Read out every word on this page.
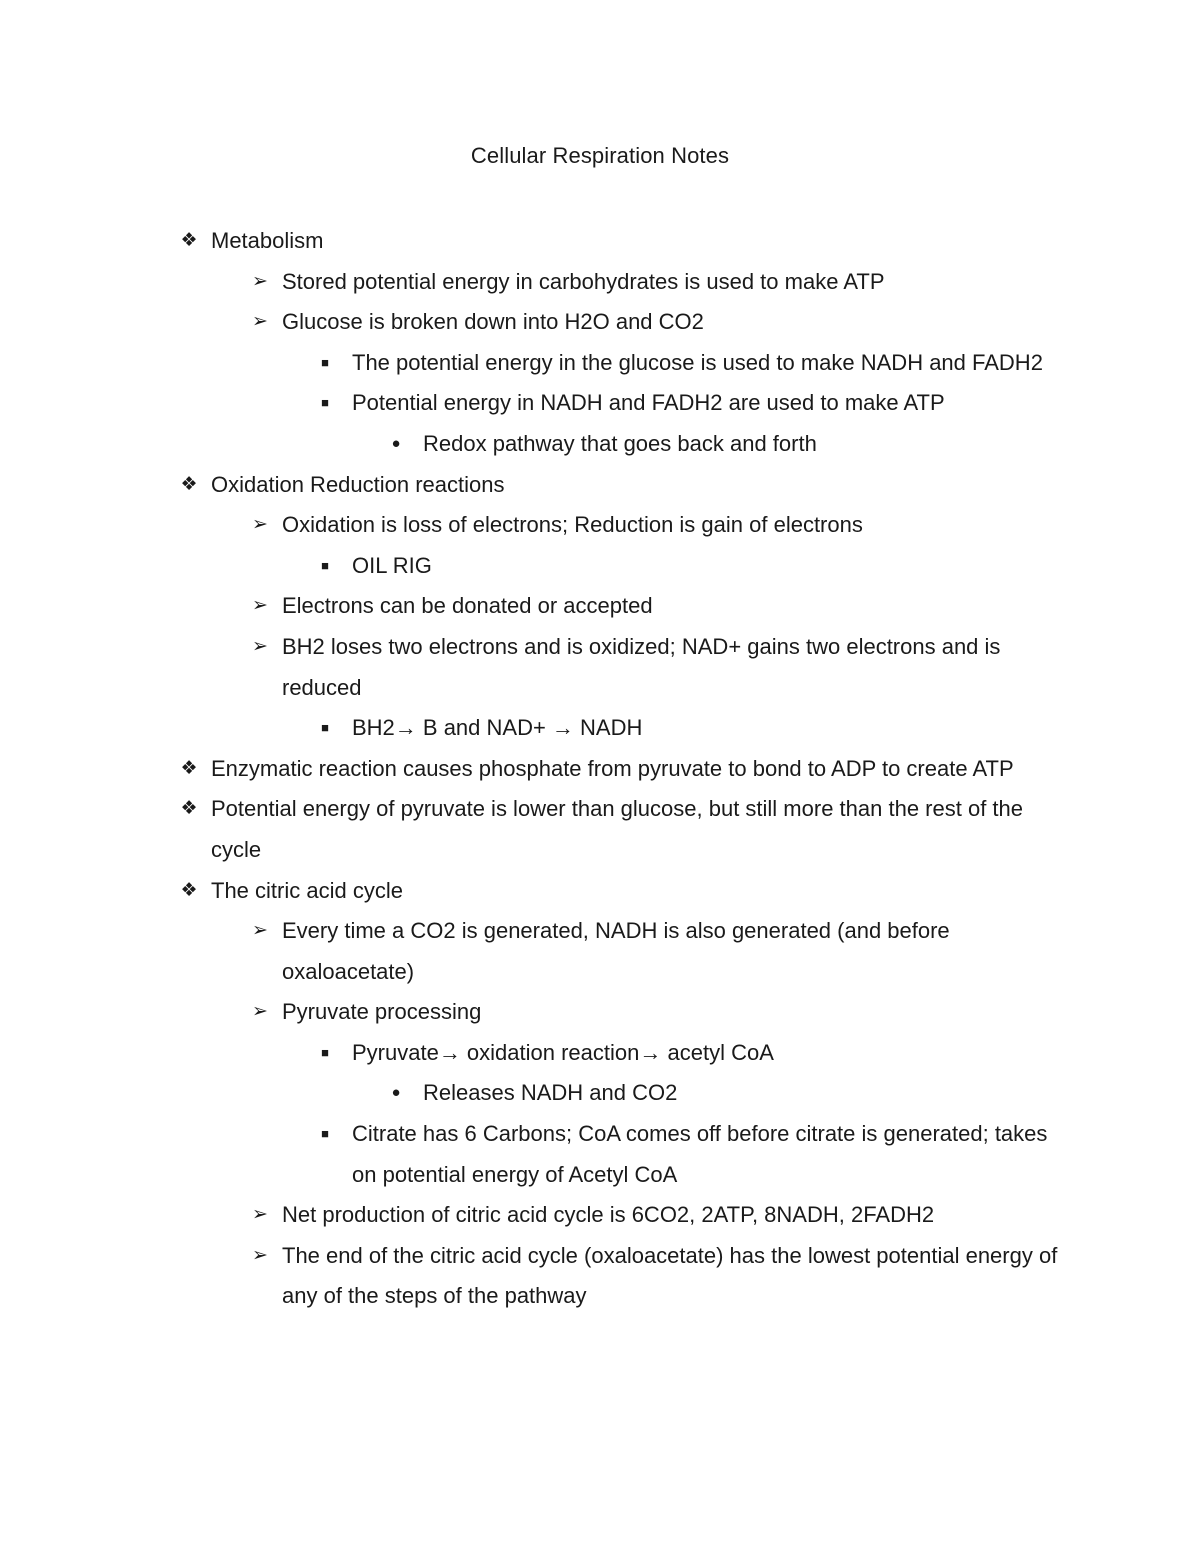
Cellular Respiration Notes
❖ Metabolism
➢ Stored potential energy in carbohydrates is used to make ATP
➢ Glucose is broken down into H2O and CO2
■	The potential energy in the glucose is used to make NADH and FADH2
■	Potential energy in NADH and FADH2 are used to make ATP
●	Redox pathway that goes back and forth
❖ Oxidation Reduction reactions
➢ Oxidation is loss of electrons; Reduction is gain of electrons
■	OIL RIG
➢ Electrons can be donated or accepted
➢ BH2 loses two electrons and is oxidized; NAD+ gains two electrons and is reduced
■	BH2→ B and NAD+ → NADH
❖ Enzymatic reaction causes phosphate from pyruvate to bond to ADP to create ATP
❖ Potential energy of pyruvate is lower than glucose, but still more than the rest of the cycle
❖ The citric acid cycle
➢ Every time a CO2 is generated, NADH is also generated (and before oxaloacetate)
➢ Pyruvate processing
■	Pyruvate→ oxidation reaction→ acetyl CoA
●	Releases NADH and CO2
■	Citrate has 6 Carbons; CoA comes off before citrate is generated; takes on potential energy of Acetyl CoA
➢ Net production of citric acid cycle is 6CO2, 2ATP, 8NADH, 2FADH2
➢ The end of the citric acid cycle (oxaloacetate) has the lowest potential energy of any of the steps of the pathway
